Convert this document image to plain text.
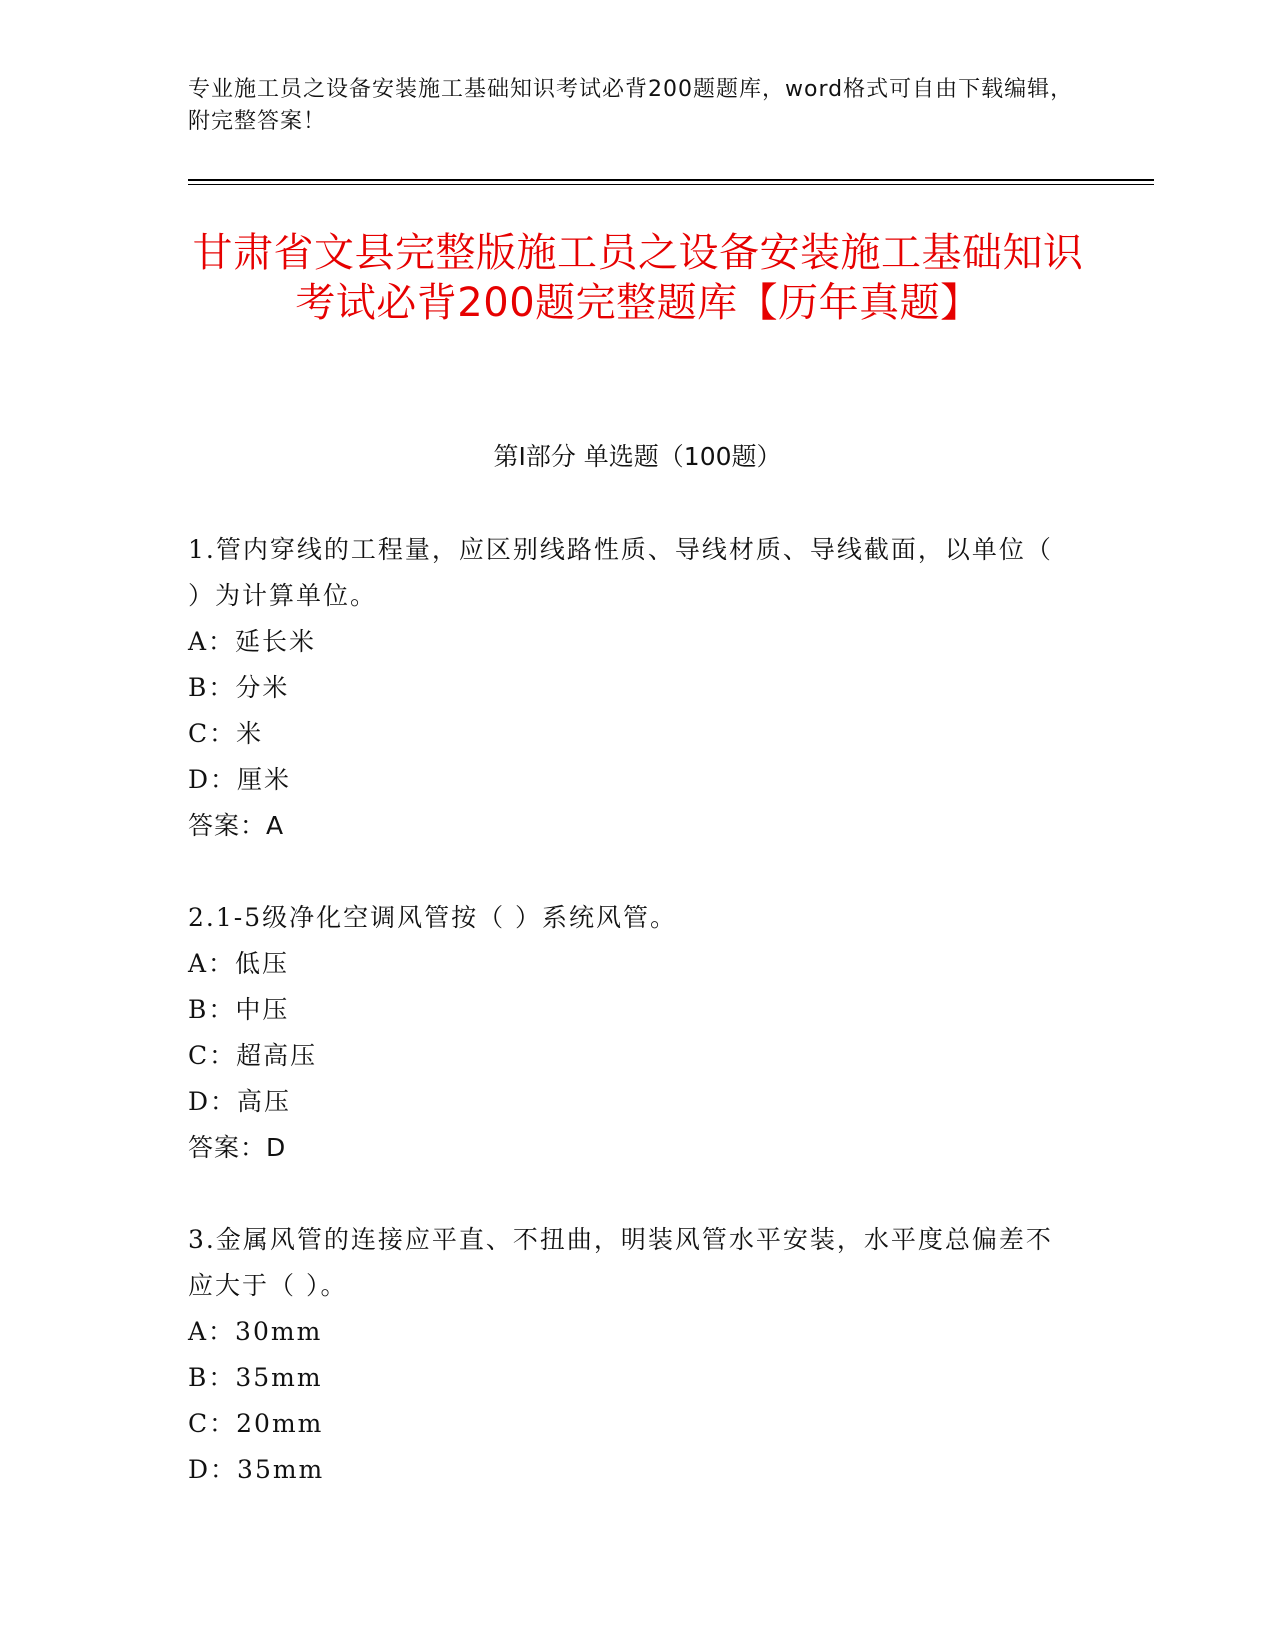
专业施工员之设备安装施工基础知识考试必背200题题库，word格式可自由下载编辑，附完整答案！
甘肃省文县完整版施工员之设备安装施工基础知识考试必背200题完整题库【历年真题】
第I部分 单选题（100题）
1.管内穿线的工程量，应区别线路性质、导线材质、导线截面，以单位（ ）为计算单位。
A：延长米
B：分米
C：米
D：厘米
答案：A
2.1-5级净化空调风管按（ ）系统风管。
A：低压
B：中压
C：超高压
D：高压
答案：D
3.金属风管的连接应平直、不扭曲，明装风管水平安装，水平度总偏差不应大于（ ）。
A：30mm
B：35mm
C：20mm
D：35mm
